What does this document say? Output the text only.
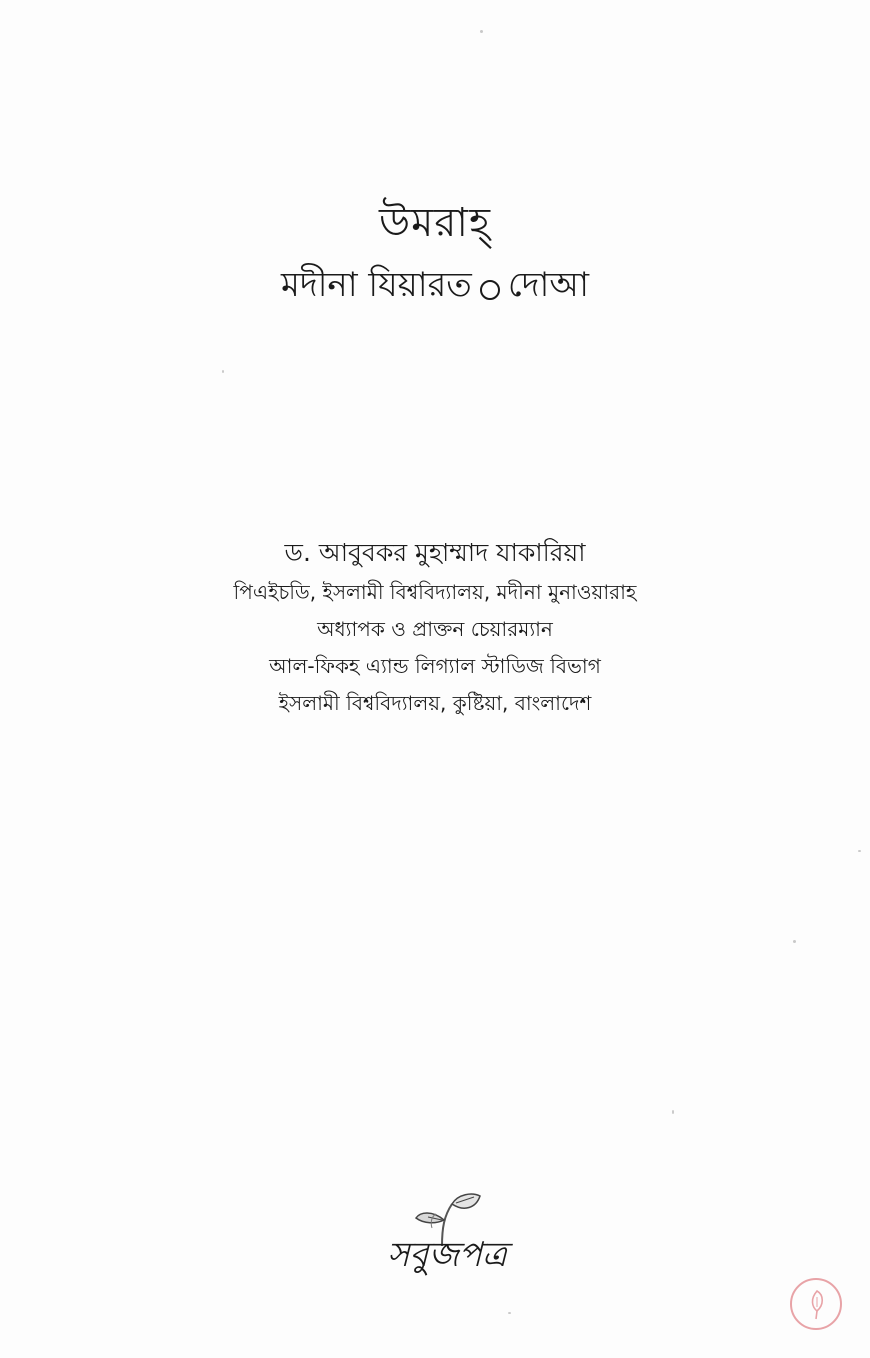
উমরাহ্
মদীনা যিয়ারত দোআ
ড. আবুবকর মুহাম্মাদ যাকারিয়া
পিএইচডি, ইসলামী বিশ্ববিদ্যালয়, মদীনা মুনাওয়ারাহ
অধ্যাপক ও প্রাক্তন চেয়ারম্যান
আল-ফিকহ এ্যান্ড লিগ্যাল স্টাডিজ বিভাগ
ইসলামী বিশ্ববিদ্যালয়, কুষ্টিয়া, বাংলাদেশ
সবুজপত্র
